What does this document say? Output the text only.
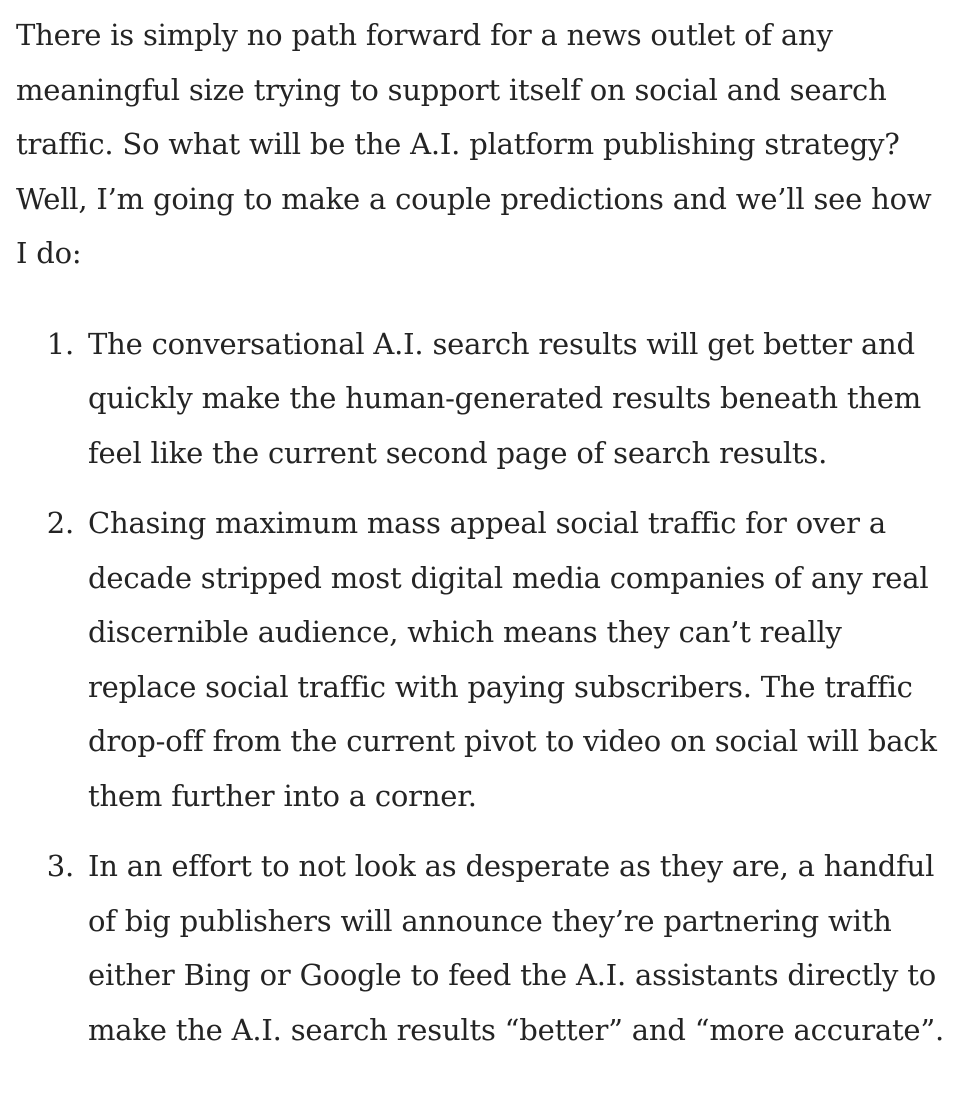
There is simply no path forward for a news outlet of any meaningful size trying to support itself on social and search traffic. So what will be the A.I. platform publishing strategy? Well, I’m going to make a couple predictions and we’ll see how I do:

1. The conversational A.I. search results will get better and quickly make the human-generated results beneath them feel like the current second page of search results.

2. Chasing maximum mass appeal social traffic for over a decade stripped most digital media companies of any real discernible audience, which means they can’t really replace social traffic with paying subscribers. The traffic drop-off from the current pivot to video on social will back them further into a corner.

3. In an effort to not look as desperate as they are, a handful of big publishers will announce they’re partnering with either Bing or Google to feed the A.I. assistants directly to make the A.I. search results “better” and “more accurate”.
